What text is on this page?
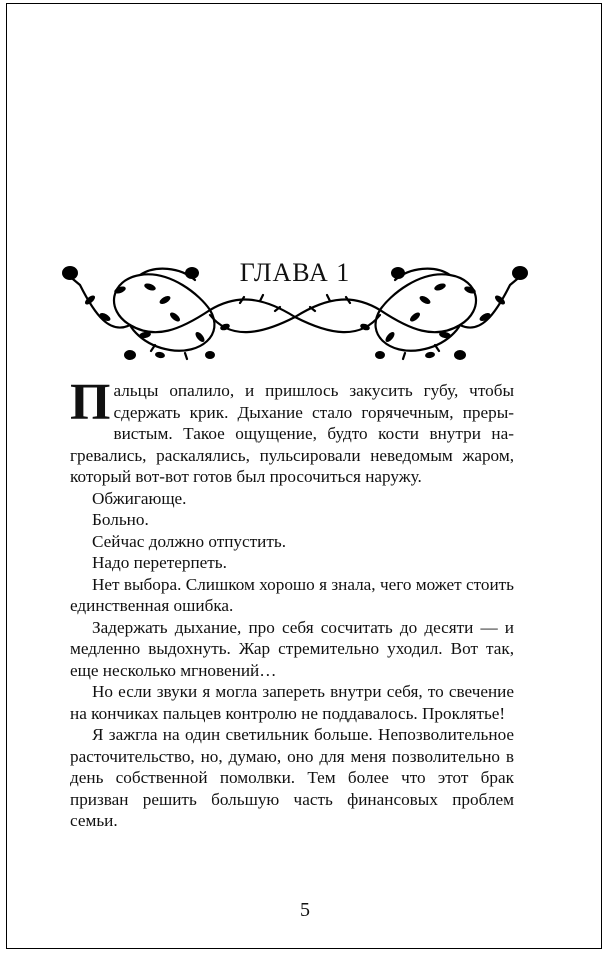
ГЛАВА 1

Пальцы опалило, и пришлось закусить губу, чтобы сдержать крик. Дыхание стало горячечным, прерывистым. Такое ощущение, будто кости внутри нагревались, раскалялись, пульсировали неведомым жаром, который вот-вот готов был просочиться наружу.

Обжигающе.

Больно.

Сейчас должно отпустить.

Надо перетерпеть.

Нет выбора. Слишком хорошо я знала, чего может стоить единственная ошибка.

Задержать дыхание, про себя сосчитать до десяти — и медленно выдохнуть. Жар стремительно уходил. Вот так, еще несколько мгновений…

Но если звуки я могла запереть внутри себя, то свечение на кончиках пальцев контролю не поддавалось. Проклятье!

Я зажгла на один светильник больше. Непозволительное расточительство, но, думаю, оно для меня позволительно в день собственной помолвки. Тем более что этот брак призван решить большую часть финансовых проблем семьи.

5
